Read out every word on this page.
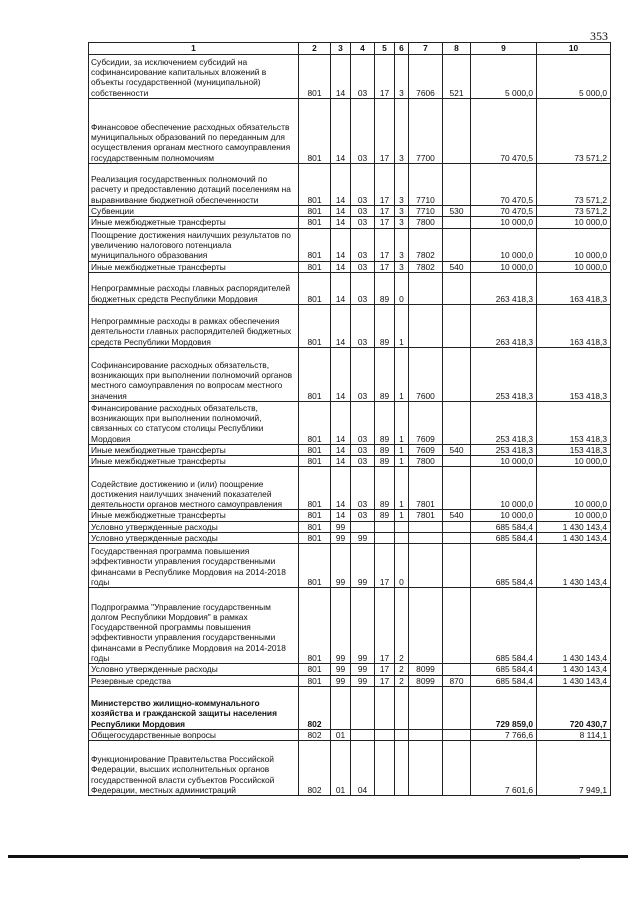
353
1	2	3	4	5	6	7	8	9	10
Субсидии, за исключением субсидий на софинансирование капитальных вложений в объекты государственной (муниципальной) собственности	801	14	03	17	3	7606	521	5 000,0	5 000,0
Финансовое обеспечение расходных обязательств муниципальных образований по переданным для осуществления органам местного самоуправления государственным полномочиям	801	14	03	17	3	7700		70 470,5	73 571,2
Реализация государственных полномочий по расчету и предоставлению дотаций поселениям на выравнивание бюджетной обеспеченности	801	14	03	17	3	7710		70 470,5	73 571,2
Субвенции	801	14	03	17	3	7710	530	70 470,5	73 571,2
Иные межбюджетные трансферты	801	14	03	17	3	7800		10 000,0	10 000,0
Поощрение достижения наилучших результатов по увеличению налогового потенциала муниципального образования	801	14	03	17	3	7802		10 000,0	10 000,0
Иные межбюджетные трансферты	801	14	03	17	3	7802	540	10 000,0	10 000,0
Непрограммные расходы главных распорядителей бюджетных средств Республики Мордовия	801	14	03	89	0			263 418,3	163 418,3
Непрограммные расходы в рамках обеспечения деятельности главных распорядителей бюджетных средств Республики Мордовия	801	14	03	89	1			263 418,3	163 418,3
Софинансирование расходных обязательств, возникающих при выполнении полномочий органов местного самоуправления по вопросам местного значения	801	14	03	89	1	7600		253 418,3	153 418,3
Финансирование расходных обязательств, возникающих при выполнении полномочий, связанных со статусом столицы Республики Мордовия	801	14	03	89	1	7609		253 418,3	153 418,3
Иные межбюджетные трансферты	801	14	03	89	1	7609	540	253 418,3	153 418,3
Иные межбюджетные трансферты	801	14	03	89	1	7800		10 000,0	10 000,0
Содействие достижению и (или) поощрение достижения наилучших значений показателей деятельности органов местного самоуправления	801	14	03	89	1	7801		10 000,0	10 000,0
Иные межбюджетные трансферты	801	14	03	89	1	7801	540	10 000,0	10 000,0
Условно утвержденные расходы	801	99						685 584,4	1 430 143,4
Условно утвержденные расходы	801	99	99					685 584,4	1 430 143,4
Государственная программа повышения эффективности управления государственными финансами в Республике Мордовия на 2014-2018 годы	801	99	99	17	0			685 584,4	1 430 143,4
Подпрограмма "Управление государственным долгом Республики Мордовия" в рамках Государственной программы повышения эффективности управления государственными финансами в Республике Мордовия на 2014-2018 годы	801	99	99	17	2			685 584,4	1 430 143,4
Условно утвержденные расходы	801	99	99	17	2	8099		685 584,4	1 430 143,4
Резервные средства	801	99	99	17	2	8099	870	685 584,4	1 430 143,4
Министерство жилищно-коммунального хозяйства и гражданской защиты населения Республики Мордовия	802							729 859,0	720 430,7
Общегосударственные вопросы	802	01						7 766,6	8 114,1
Функционирование Правительства Российской Федерации, высших исполнительных органов государственной власти субъектов Российской Федерации, местных администраций	802	01	04					7 601,6	7 949,1
